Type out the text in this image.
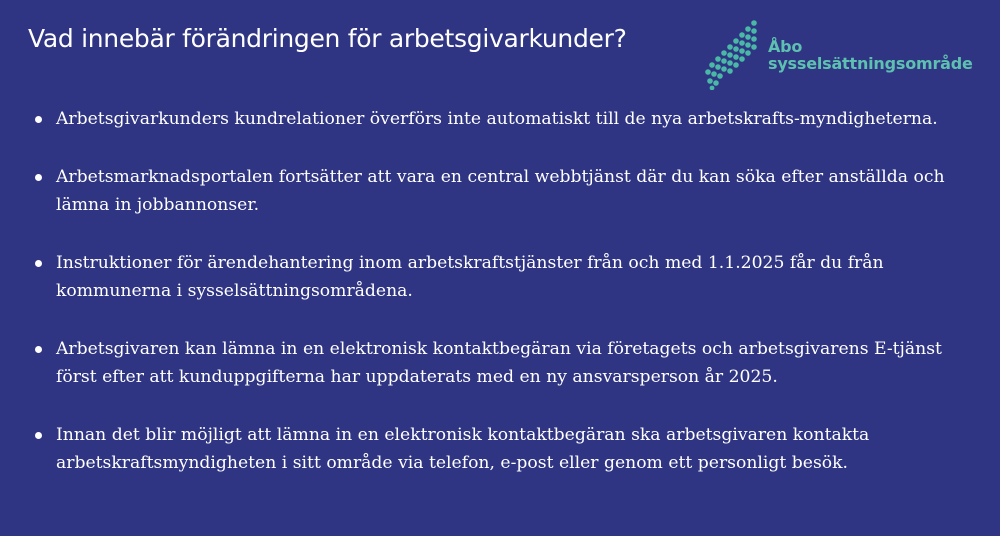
Vad innebär förändringen för arbetsgivarkunder?	Åbo
sysselsättningsområde
Arbetsgivarkunders kundrelationer överförs inte automatiskt till de nya arbetskrafts-myndigheterna.
Arbetsmarknadsportalen fortsätter att vara en central webbtjänst där du kan söka efter anställda och lämna in jobbannonser.
Instruktioner för ärendehantering inom arbetskraftstjänster från och med 1.1.2025 får du från kommunerna i sysselsättningsområdena.
Arbetsgivaren kan lämna in en elektronisk kontaktbegäran via företagets och arbetsgivarens E-tjänst först efter att kunduppgifterna har uppdaterats med en ny ansvarsperson år 2025.
Innan det blir möjligt att lämna in en elektronisk kontaktbegäran ska arbetsgivaren kontakta arbetskraftsmyndigheten i sitt område via telefon, e-post eller genom ett personligt besök.
